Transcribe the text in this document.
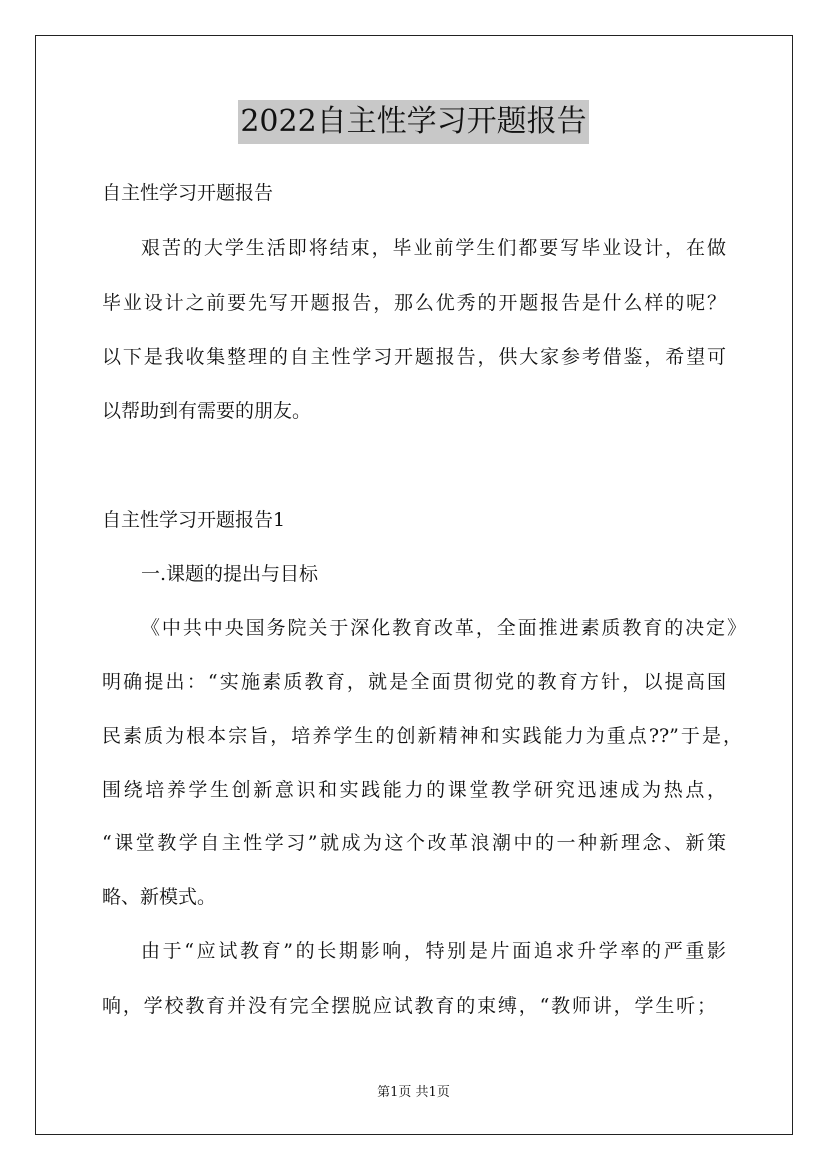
2022自主性学习开题报告
自主性学习开题报告
艰苦的大学生活即将结束，毕业前学生们都要写毕业设计，在做
毕业设计之前要先写开题报告，那么优秀的开题报告是什么样的呢？
以下是我收集整理的自主性学习开题报告，供大家参考借鉴，希望可
以帮助到有需要的朋友。
自主性学习开题报告1
一.课题的提出与目标
《中共中央国务院关于深化教育改革，全面推进素质教育的决定》
明确提出：“实施素质教育，就是全面贯彻党的教育方针，以提高国
民素质为根本宗旨，培养学生的创新精神和实践能力为重点??”于是，
围绕培养学生创新意识和实践能力的课堂教学研究迅速成为热点，
“课堂教学自主性学习”就成为这个改革浪潮中的一种新理念、新策
略、新模式。
由于“应试教育”的长期影响，特别是片面追求升学率的严重影
响，学校教育并没有完全摆脱应试教育的束缚，“教师讲，学生听；
第1页 共1页
